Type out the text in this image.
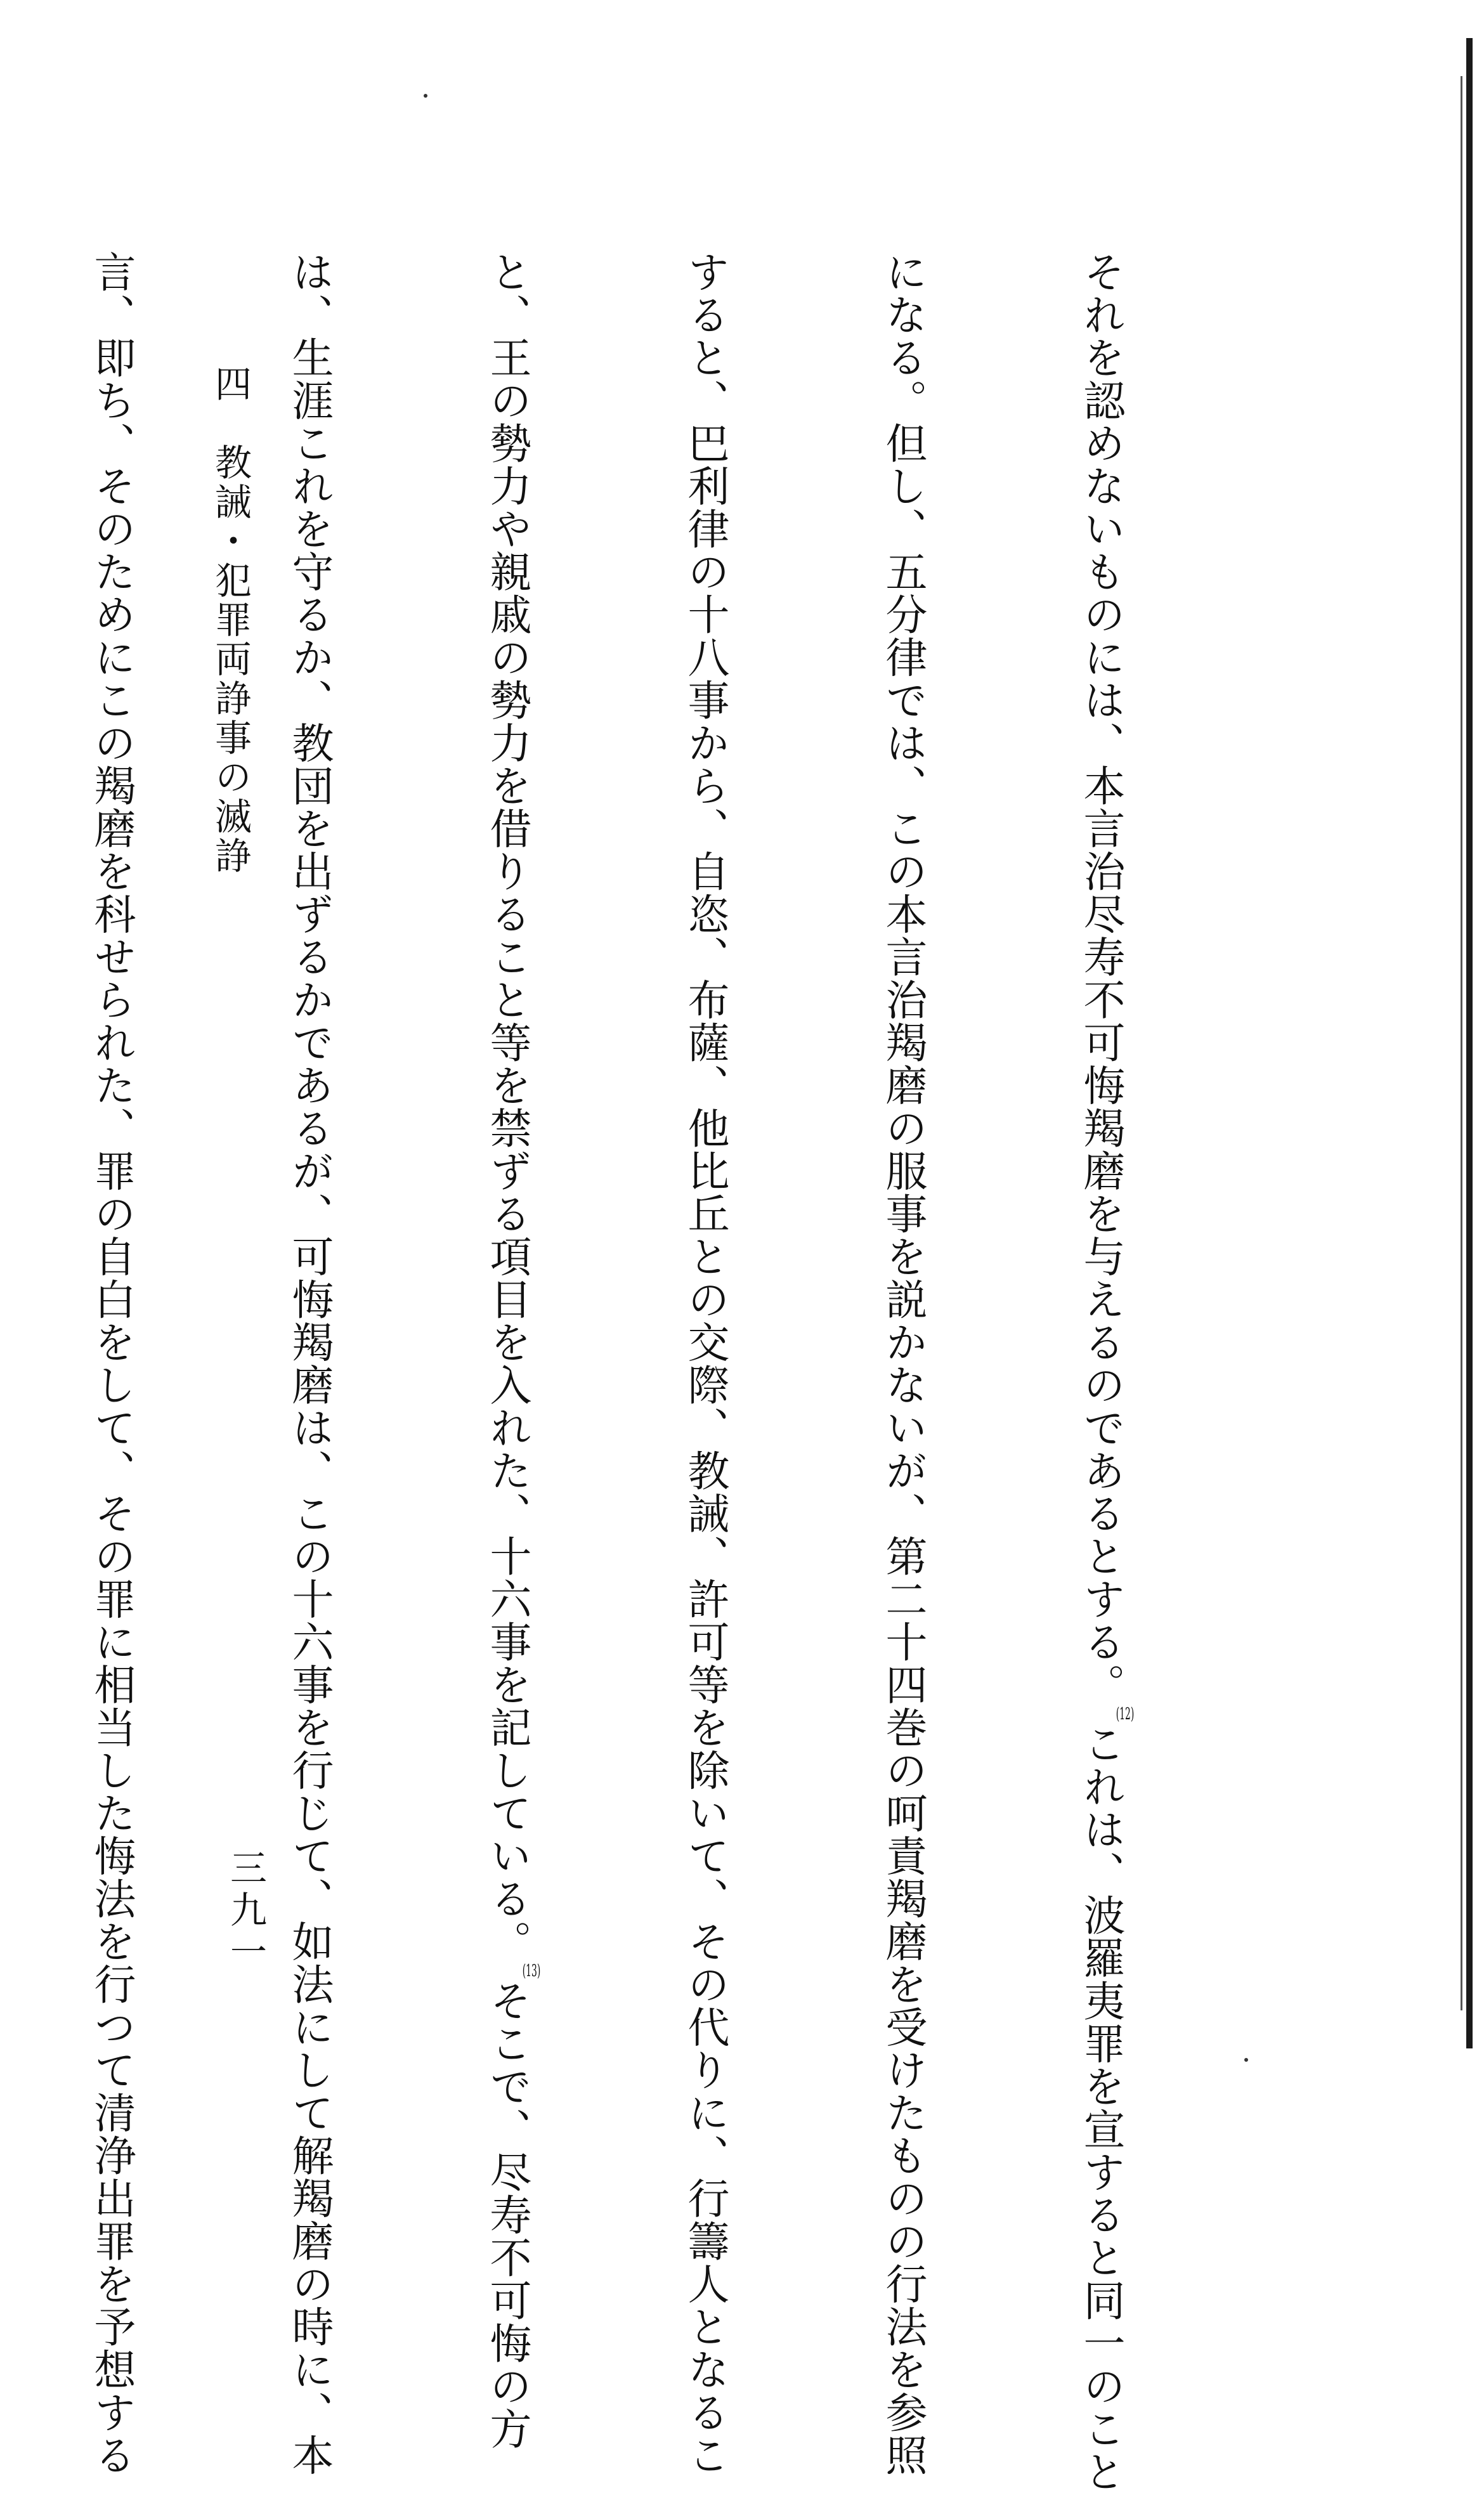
それを認めないものには、本言治尽寿不可悔羯磨を与えるのであるとする。(12)これは、波羅夷罪を宣すると同一のこと

になる。但し、五分律では、この本言治羯磨の服事を説かないが、第二十四巻の呵責羯磨を受けたものの行法を参照

すると、巴利律の十八事から、自恣、布薩、他比丘との交際、教誡、許可等を除いて、その代りに、行籌人となるこ

と、王の勢力や親戚の勢力を借りること等を禁ずる項目を入れた、十六事を記している。(13)そこで、尽寿不可悔の方

は、生涯これを守るか、教団を出ずるかであるが、可悔羯磨は、この十六事を行じて、如法にして解羯磨の時に、本

言、即ち、そのためにこの羯磨を科せられた、罪の自白をして、その罪に相当した悔法を行つて清浄出罪を予想する

四　教誡・犯罪両諍事の滅諍
三九一
